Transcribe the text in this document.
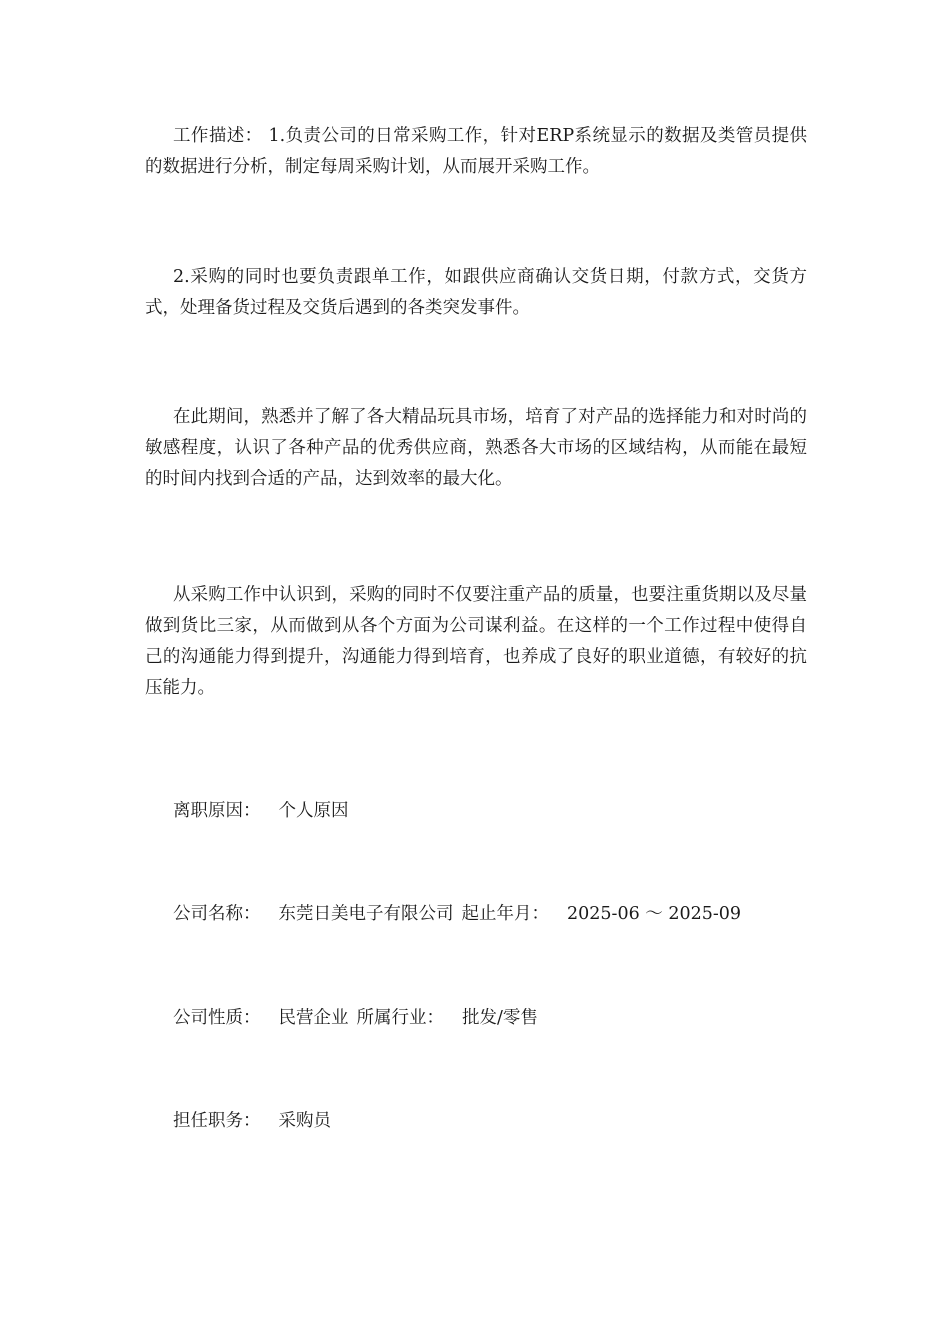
工作描述： 1.负责公司的日常采购工作，针对ERP系统显示的数据及类管员提供的数据进行分析，制定每周采购计划，从而展开采购工作。

2.采购的同时也要负责跟单工作，如跟供应商确认交货日期，付款方式，交货方式，处理备货过程及交货后遇到的各类突发事件。

在此期间，熟悉并了解了各大精品玩具市场，培育了对产品的选择能力和对时尚的敏感程度，认识了各种产品的优秀供应商，熟悉各大市场的区域结构，从而能在最短的时间内找到合适的产品，达到效率的最大化。

从采购工作中认识到，采购的同时不仅要注重产品的质量，也要注重货期以及尽量做到货比三家，从而做到从各个方面为公司谋利益。在这样的一个工作过程中使得自己的沟通能力得到提升，沟通能力得到培育，也养成了良好的职业道德，有较好的抗压能力。

离职原因： 个人原因

公司名称： 东莞日美电子有限公司 起止年月： 2025-06 ～ 2025-09

公司性质： 民营企业 所属行业： 批发/零售

担任职务： 采购员
